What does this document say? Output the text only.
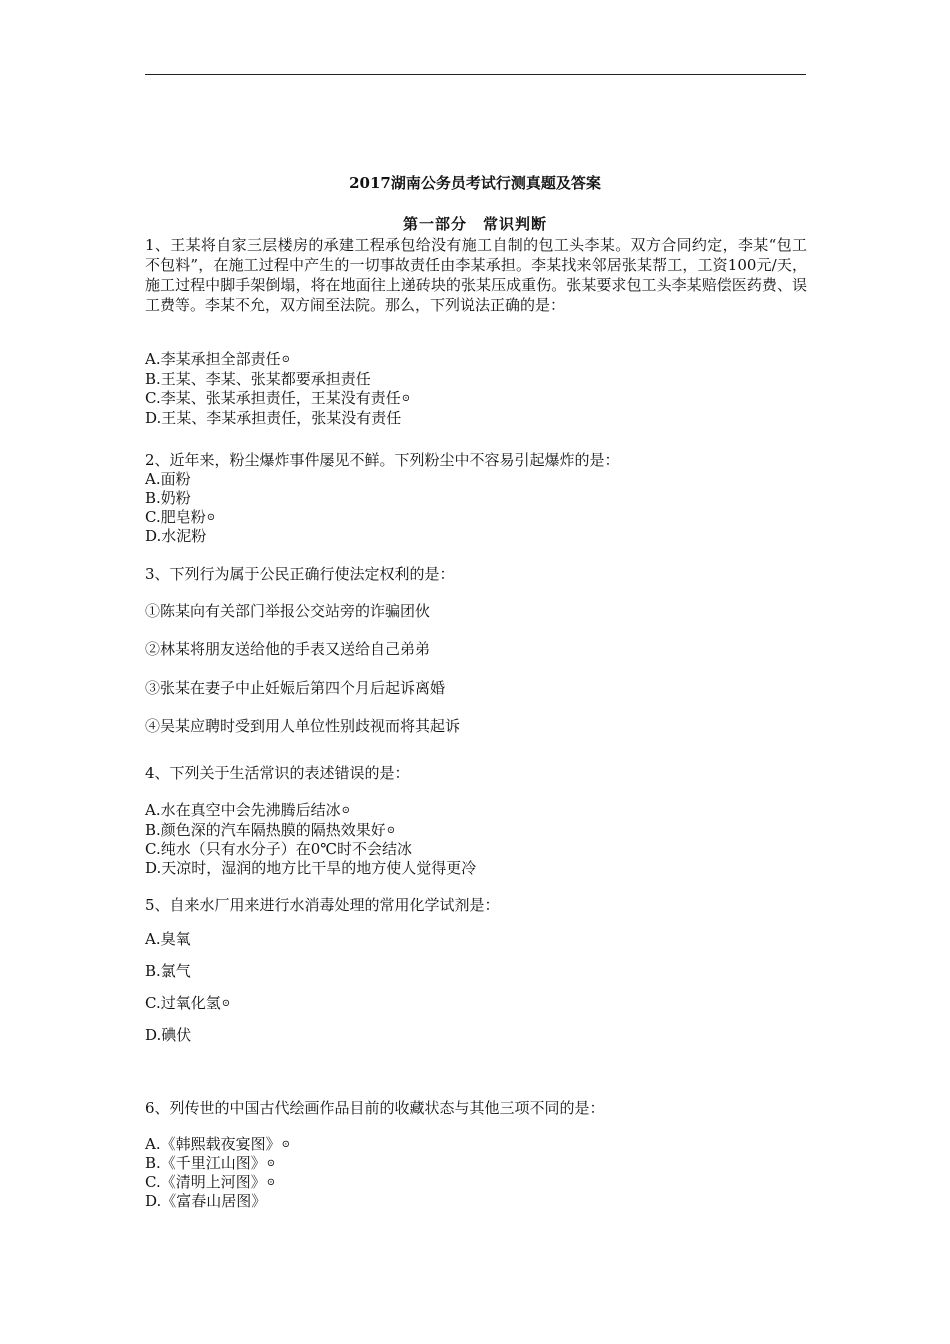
2017湖南公务员考试行测真题及答案
第一部分　常识判断
1、王某将自家三层楼房的承建工程承包给没有施工自制的包工头李某。双方合同约定，李某“包工不包料”，在施工过程中产生的一切事故责任由李某承担。李某找来邻居张某帮工，工资100元/天，施工过程中脚手架倒塌，将在地面往上递砖块的张某压成重伤。张某要求包工头李某赔偿医药费、误工费等。李某不允，双方闹至法院。那么，下列说法正确的是：
A.李某承担全部责任⊙
B.王某、李某、张某都要承担责任
C.李某、张某承担责任，王某没有责任⊙
D.王某、李某承担责任，张某没有责任
2、近年来，粉尘爆炸事件屡见不鲜。下列粉尘中不容易引起爆炸的是：
A.面粉
B.奶粉
C.肥皂粉⊙
D.水泥粉
3、下列行为属于公民正确行使法定权利的是：
①陈某向有关部门举报公交站旁的诈骗团伙
②林某将朋友送给他的手表又送给自己弟弟
③张某在妻子中止妊娠后第四个月后起诉离婚
④吴某应聘时受到用人单位性别歧视而将其起诉
4、下列关于生活常识的表述错误的是：
A.水在真空中会先沸腾后结冰⊙
B.颜色深的汽车隔热膜的隔热效果好⊙
C.纯水（只有水分子）在0℃时不会结冰
D.天凉时，湿润的地方比干旱的地方使人觉得更冷
5、自来水厂用来进行水消毒处理的常用化学试剂是：
A.臭氧
B.氯气
C.过氧化氢⊙
D.碘伏
6、列传世的中国古代绘画作品目前的收藏状态与其他三项不同的是：
A.《韩熙载夜宴图》⊙
B.《千里江山图》⊙
C.《清明上河图》⊙
D.《富春山居图》
